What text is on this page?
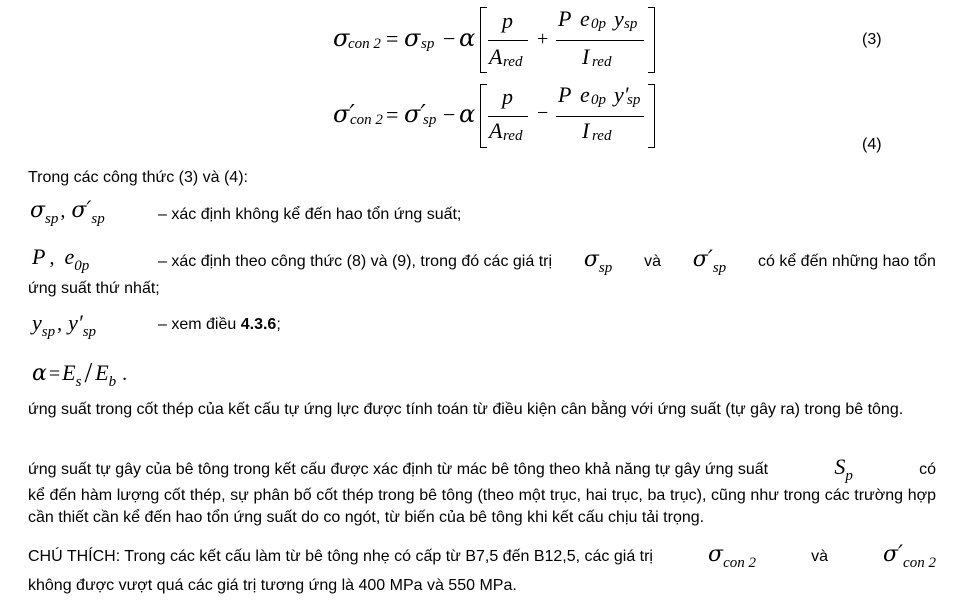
σ
con 2 = σ sp − α
p
A red
+
P e 0p y sp
I red
(3)
σ′
con 2 = σ′
sp − α
p
A red
−
P e 0p y′
sp
I red	(4)
Trong các công thức (3) và (4):
σsp , σ′sp	– xác định không kể đến hao tổn ứng suất;
P , e0p	– xác định theo công thức (8) và (9), trong đó các giá trị σsp và σ′sp có kể đến những hao tổn
ứng suất thứ nhất;
ysp , y′sp	– xem điều 4.3.6;
α =Es / Eb .
ứng suất trong cốt thép của kết cấu tự ứng lực được tính toán từ điều kiện cân bằng với ứng suất (tự gây ra) trong bê tông.
ứng suất tự gây của bê tông trong kết cấu được xác định từ mác bê tông theo khả năng tự gây ứng suất	Sp	có
kể đến hàm lượng cốt thép, sự phân bố cốt thép trong bê tông (theo một trục, hai trục, ba trục), cũng như trong các trường hợp cần thiết cần kể đến hao tổn ứng suất do co ngót, từ biến của bê tông khi kết cấu chịu tải trọng.
CHÚ THÍCH: Trong các kết cấu làm từ bê tông nhẹ có cấp từ B7,5 đến B12,5, các giá trị	σcon 2	và	σ′con 2
không được vượt quá các giá trị tương ứng là 400 MPa và 550 MPa.
